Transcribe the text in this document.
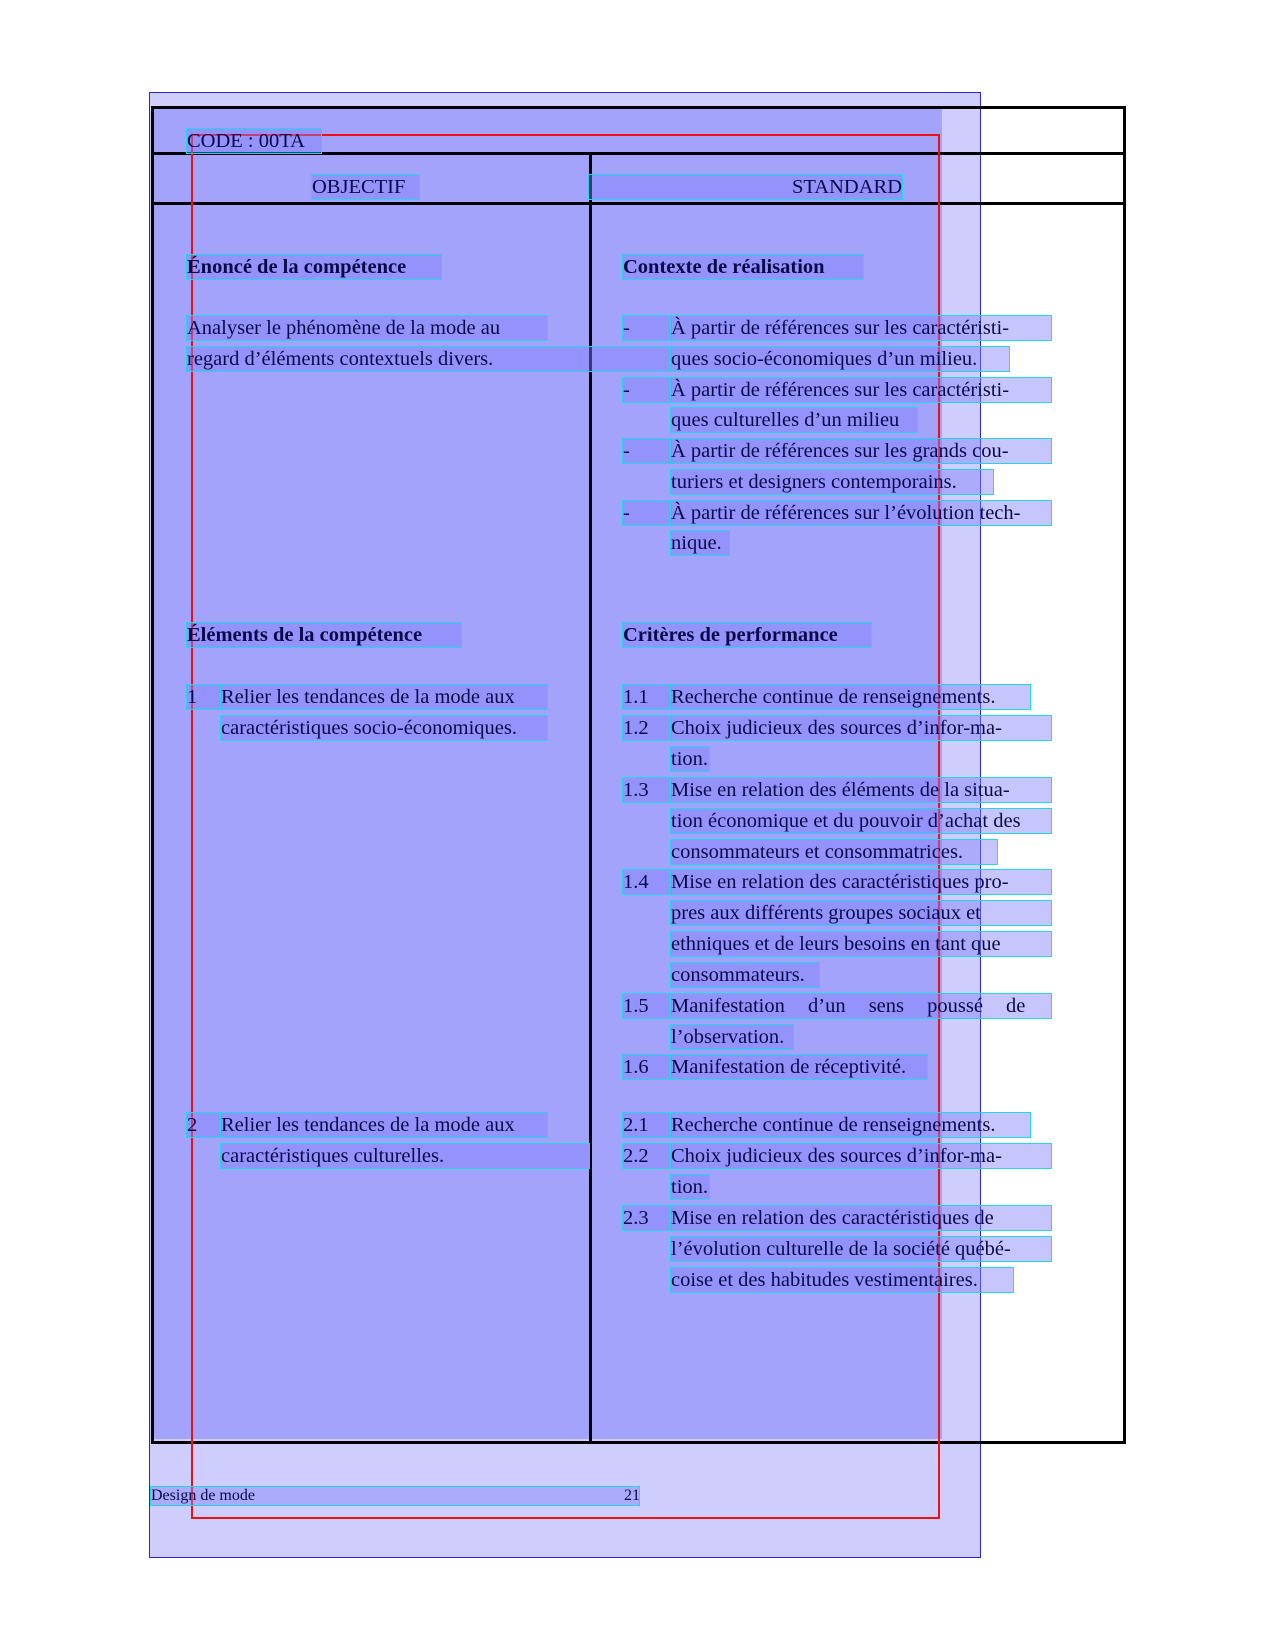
CODE : 00TA
OBJECTIF	STANDARD
Énoncé de la compétence
Analyser le phénomène de la mode au
regard d’éléments contextuels divers.
Contexte de réalisation
-	À partir de références sur les caractéristi-
ques socio-économiques d’un milieu.
-	À partir de références sur les caractéristi-
ques culturelles d’un milieu
-	À partir de références sur les grands cou-
turiers et designers contemporains.
-	À partir de références sur l’évolution tech-
nique.
Éléments de la compétence
1	Relier les tendances de la mode aux
caractéristiques socio-économiques.
2	Relier les tendances de la mode aux
caractéristiques culturelles.
Critères de performance
1.1	Recherche continue de renseignements.
1.2	Choix judicieux des sources d’infor-ma-
tion.
1.3	Mise en relation des éléments de la situa-
tion économique et du pouvoir d’achat des
consommateurs et consommatrices.
1.4	Mise en relation des caractéristiques pro-
pres aux différents groupes sociaux et
ethniques et de leurs besoins en tant que
consommateurs.
1.5	Manifestation d’un sens poussé de
l’observation.
1.6	Manifestation de réceptivité.
2.1	Recherche continue de renseignements.
2.2	Choix judicieux des sources d’infor-ma-
tion.
2.3	Mise en relation des caractéristiques de
l’évolution culturelle de la société québé-
coise et des habitudes vestimentaires.
Design de mode	21
